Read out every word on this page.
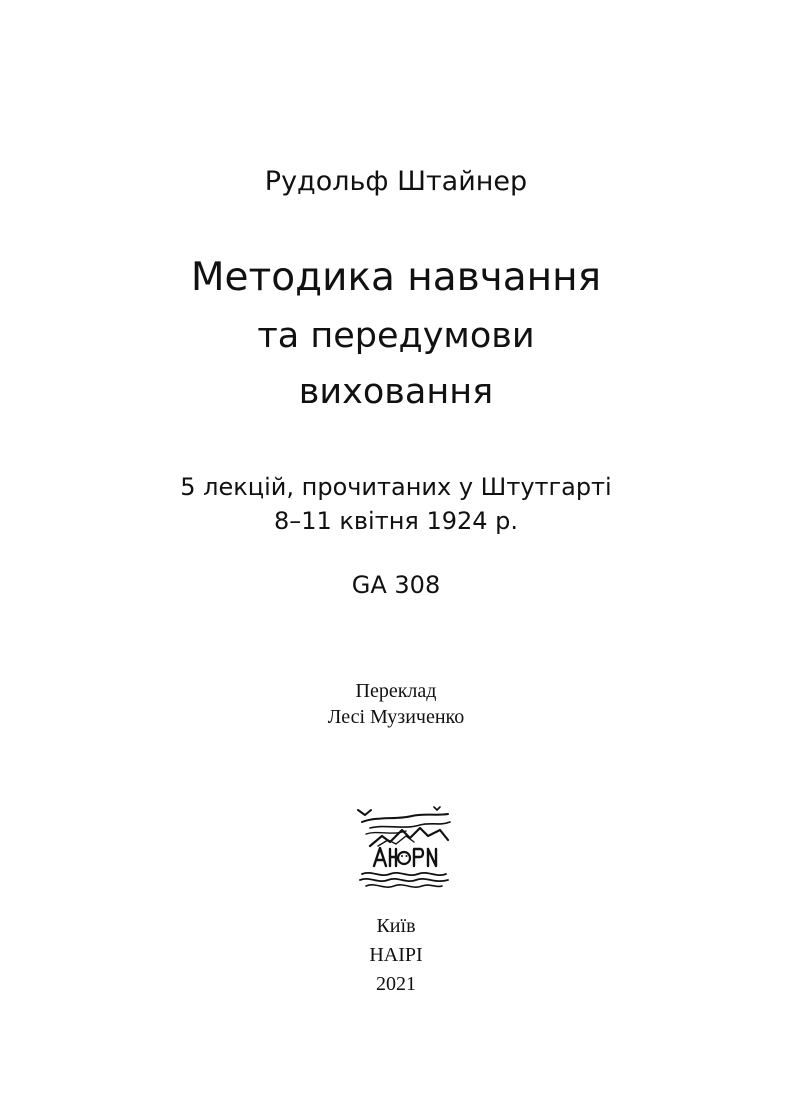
Рудольф Штайнер
Методика навчання
та передумови
виховання
5 лекцій, прочитаних у Штутгарті
8–11 квітня 1924 р.
GA 308
Переклад
Лесі Музиченко
Київ
НАІРІ
2021
